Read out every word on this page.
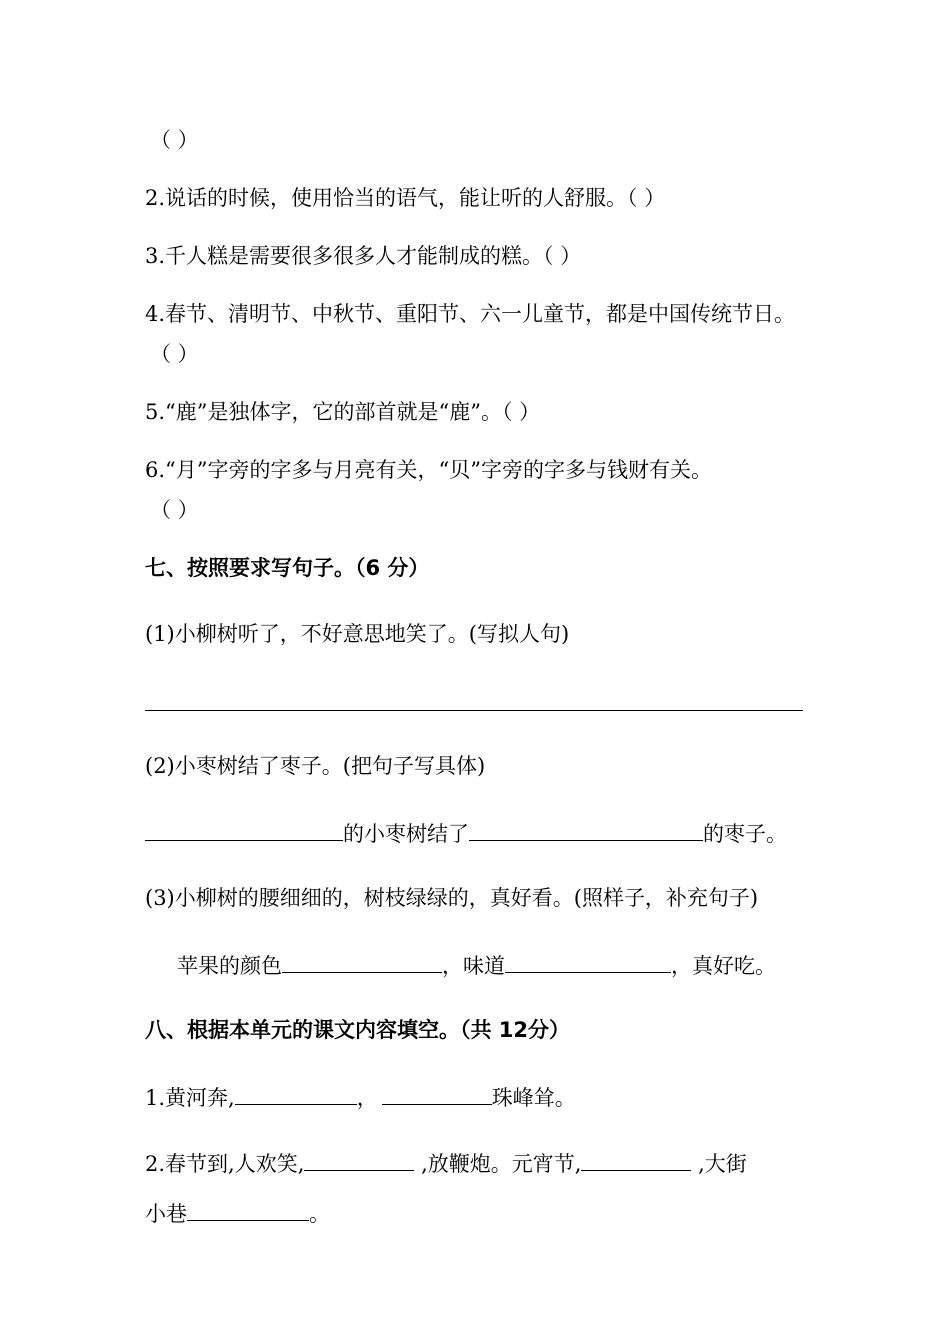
（ ）
2.说话的时候，使用恰当的语气，能让听的人舒服。（ ）
3.千人糕是需要很多很多人才能制成的糕。（ ）
4.春节、清明节、中秋节、重阳节、六一儿童节，都是中国传统节日。
（ ）
5.“鹿”是独体字，它的部首就是“鹿”。（ ）
6.“月”字旁的字多与月亮有关，“贝”字旁的字多与钱财有关。
（ ）
七、按照要求写句子。（6 分）
(1)小柳树听了，不好意思地笑了。(写拟人句)
(2)小枣树结了枣子。(把句子写具体)
的小枣树结了	的枣子。
(3)小柳树的腰细细的，树枝绿绿的，真好看。(照样子，补充句子)
苹果的颜色	，味道	，真好吃。
八、根据本单元的课文内容填空。（共 12分）
1.黄河奔,	，	珠峰耸。
2.春节到,人欢笑,	,放鞭炮。元宵节,	,大街
小巷	。
